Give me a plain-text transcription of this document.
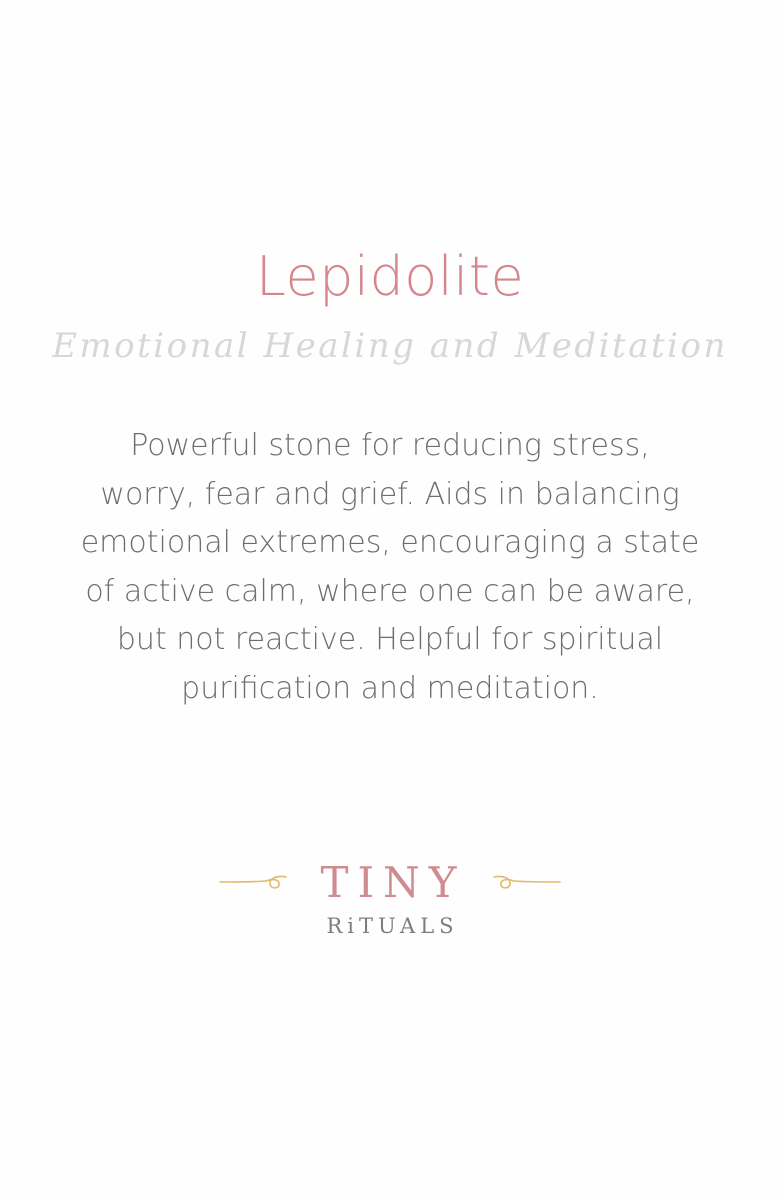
Lepidolite
Emotional Healing and Meditation
Powerful stone for reducing stress, worry, fear and grief. Aids in balancing emotional extremes, encouraging a state of active calm, where one can be aware, but not reactive. Helpful for spiritual purification and meditation.
TINY
RiTUALS
